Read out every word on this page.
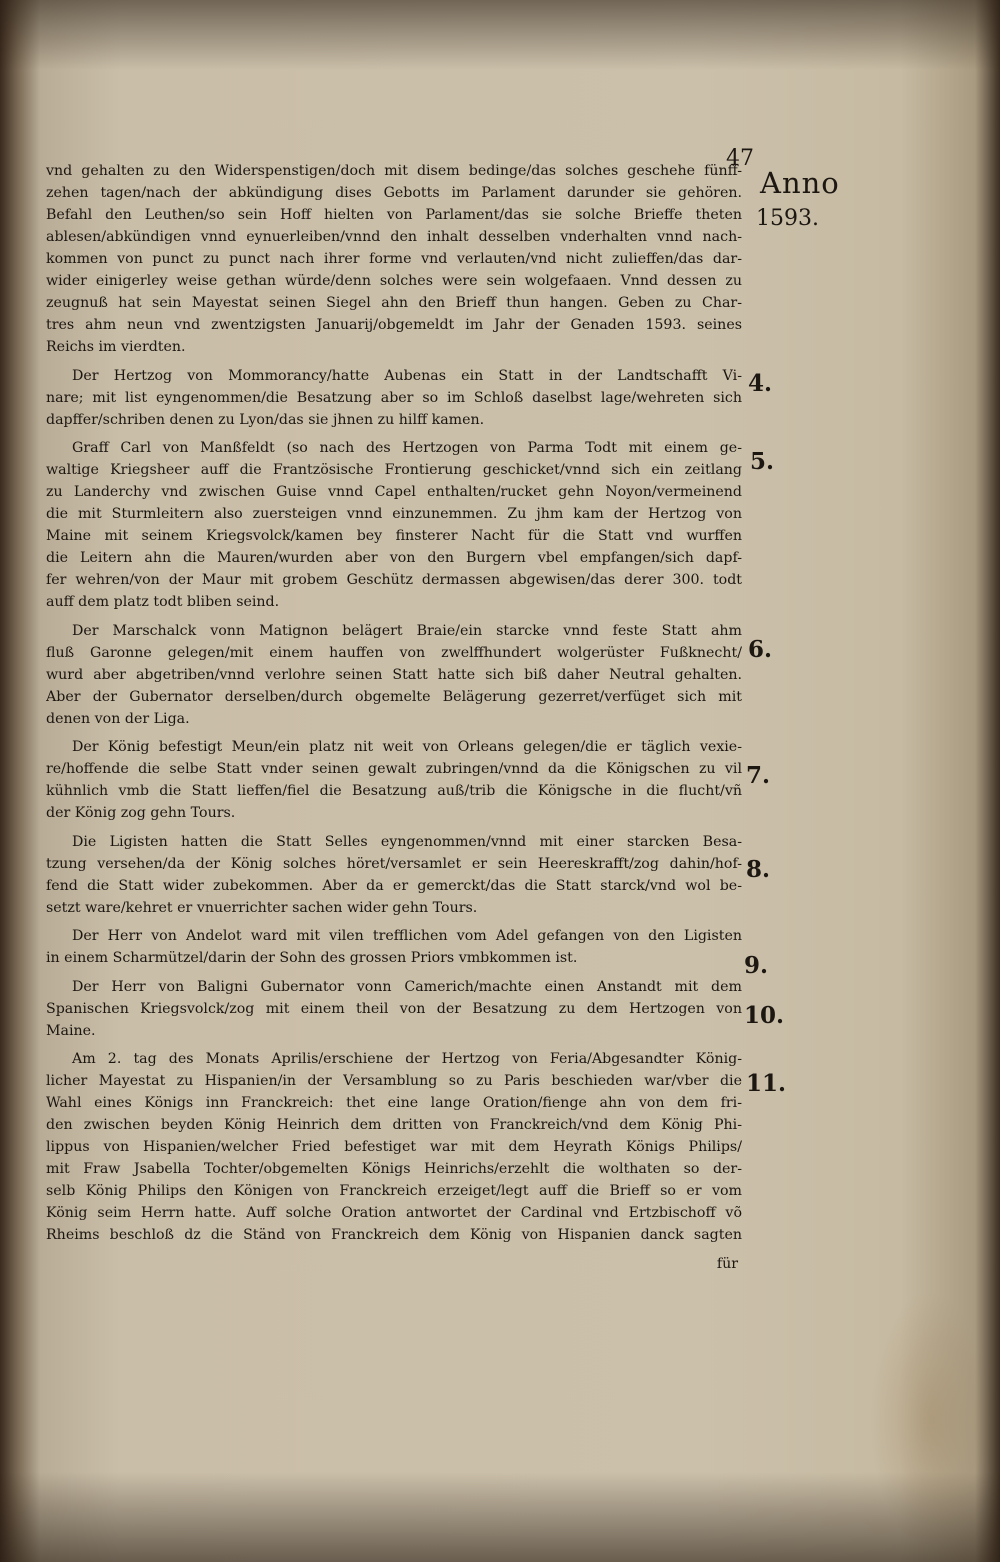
47
Anno
1593.
4.
5.
6.
7.
8.
9.
10.
11.
vnd gehalten zu den Widerspenstigen/doch mit disem bedinge/das solches geschehe fünff-
zehen tagen/nach der abkündigung dises Gebotts im Parlament darunder sie gehören.
Befahl den Leuthen/so sein Hoff hielten von Parlament/das sie solche Brieffe theten
ablesen/abkündigen vnnd eynuerleiben/vnnd den inhalt desselben vnderhalten vnnd nach-
kommen von punct zu punct nach ihrer forme vnd verlauten/vnd nicht zulieffen/das dar-
wider einigerley weise gethan würde/denn solches were sein wolgefaaen. Vnnd dessen zu
zeugnuß hat sein Mayestat seinen Siegel ahn den Brieff thun hangen. Geben zu Char-
tres ahm neun vnd zwentzigsten Januarij/obgemeldt im Jahr der Genaden 1593. seines
Reichs im vierdten.
Der Hertzog von Mommorancy/hatte Aubenas ein Statt in der Landtschafft Vi-
nare; mit list eyngenommen/die Besatzung aber so im Schloß daselbst lage/wehreten sich
dapffer/schriben denen zu Lyon/das sie jhnen zu hilff kamen.
Graff Carl von Manßfeldt (so nach des Hertzogen von Parma Todt mit einem ge-
waltige Kriegsheer auff die Frantzösische Frontierung geschicket/vnnd sich ein zeitlang
zu Landerchy vnd zwischen Guise vnnd Capel enthalten/rucket gehn Noyon/vermeinend
die mit Sturmleitern also zuersteigen vnnd einzunemmen. Zu jhm kam der Hertzog von
Maine mit seinem Kriegsvolck/kamen bey finsterer Nacht für die Statt vnd wurffen
die Leitern ahn die Mauren/wurden aber von den Burgern vbel empfangen/sich dapf-
fer wehren/von der Maur mit grobem Geschütz dermassen abgewisen/das derer 300. todt
auff dem platz todt bliben seind.
Der Marschalck vonn Matignon belägert Braie/ein starcke vnnd feste Statt ahm
fluß Garonne gelegen/mit einem hauffen von zwelffhundert wolgerüster Fußknecht/
wurd aber abgetriben/vnnd verlohre seinen Statt hatte sich biß daher Neutral gehalten.
Aber der Gubernator derselben/durch obgemelte Belägerung gezerret/verfüget sich mit
denen von der Liga.
Der König befestigt Meun/ein platz nit weit von Orleans gelegen/die er täglich vexie-
re/hoffende die selbe Statt vnder seinen gewalt zubringen/vnnd da die Königschen zu vil
kühnlich vmb die Statt lieffen/fiel die Besatzung auß/trib die Königsche in die flucht/vñ
der König zog gehn Tours.
Die Ligisten hatten die Statt Selles eyngenommen/vnnd mit einer starcken Besa-
tzung versehen/da der König solches höret/versamlet er sein Heereskrafft/zog dahin/hof-
fend die Statt wider zubekommen. Aber da er gemerckt/das die Statt starck/vnd wol be-
setzt ware/kehret er vnuerrichter sachen wider gehn Tours.
Der Herr von Andelot ward mit vilen trefflichen vom Adel gefangen von den Ligisten
in einem Scharmützel/darin der Sohn des grossen Priors vmbkommen ist.
Der Herr von Baligni Gubernator vonn Camerich/machte einen Anstandt mit dem
Spanischen Kriegsvolck/zog mit einem theil von der Besatzung zu dem Hertzogen von
Maine.
Am 2. tag des Monats Aprilis/erschiene der Hertzog von Feria/Abgesandter König-
licher Mayestat zu Hispanien/in der Versamblung so zu Paris beschieden war/vber die
Wahl eines Königs inn Franckreich: thet eine lange Oration/fienge ahn von dem fri-
den zwischen beyden König Heinrich dem dritten von Franckreich/vnd dem König Phi-
lippus von Hispanien/welcher Fried befestiget war mit dem Heyrath Königs Philips/
mit Fraw Jsabella Tochter/obgemelten Königs Heinrichs/erzehlt die wolthaten so der-
selb König Philips den Königen von Franckreich erzeiget/legt auff die Brieff so er vom
König seim Herrn hatte. Auff solche Oration antwortet der Cardinal vnd Ertzbischoff võ
Rheims beschloß dz die Ständ von Franckreich dem König von Hispanien danck sagten
für
